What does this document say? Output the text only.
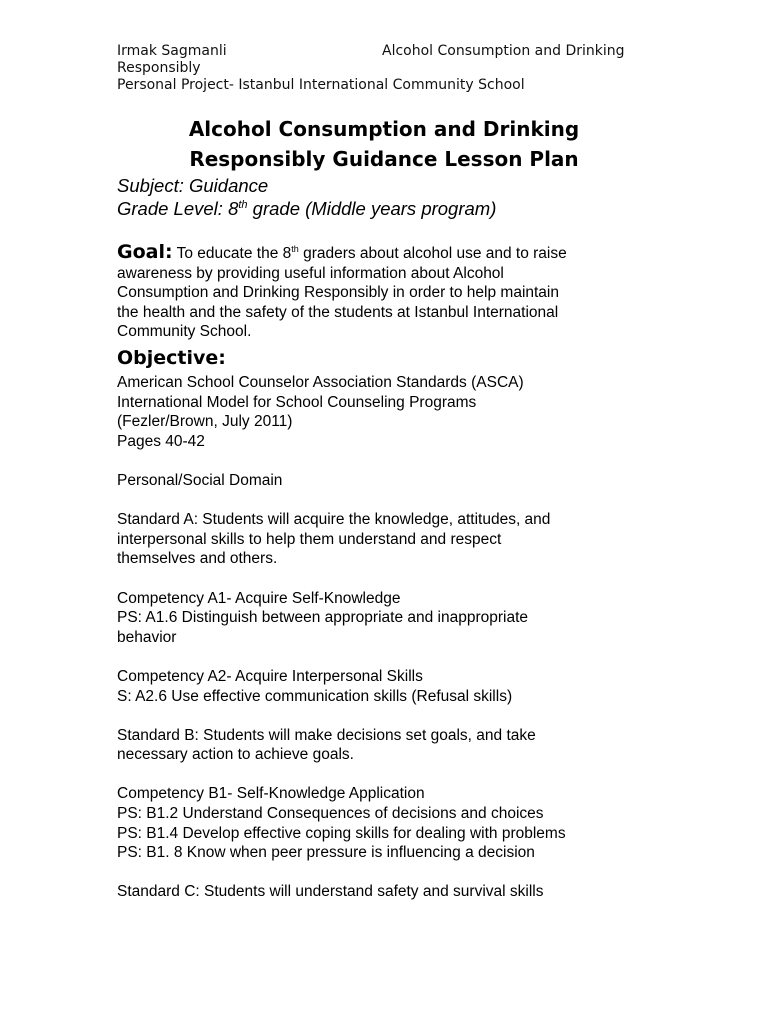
Irmak Sagmanli	Alcohol Consumption and Drinking
Responsibly
Personal Project- Istanbul International Community School
Alcohol Consumption and Drinking
Responsibly Guidance Lesson Plan
Subject: Guidance
Grade Level: 8th grade (Middle years program)
Goal: To educate the 8th graders about alcohol use and to raise
awareness by providing useful information about Alcohol
Consumption and Drinking Responsibly in order to help maintain
the health and the safety of the students at Istanbul International
Community School.
Objective:
American School Counselor Association Standards (ASCA)
International Model for School Counseling Programs
(Fezler/Brown, July 2011)
Pages 40-42
Personal/Social Domain
Standard A: Students will acquire the knowledge, attitudes, and
interpersonal skills to help them understand and respect
themselves and others.
Competency A1- Acquire Self-Knowledge
PS: A1.6 Distinguish between appropriate and inappropriate
behavior
Competency A2- Acquire Interpersonal Skills
S: A2.6 Use effective communication skills (Refusal skills)
Standard B: Students will make decisions set goals, and take
necessary action to achieve goals.
Competency B1- Self-Knowledge Application
PS: B1.2 Understand Consequences of decisions and choices
PS: B1.4 Develop effective coping skills for dealing with problems
PS: B1. 8 Know when peer pressure is influencing a decision
Standard C: Students will understand safety and survival skills
